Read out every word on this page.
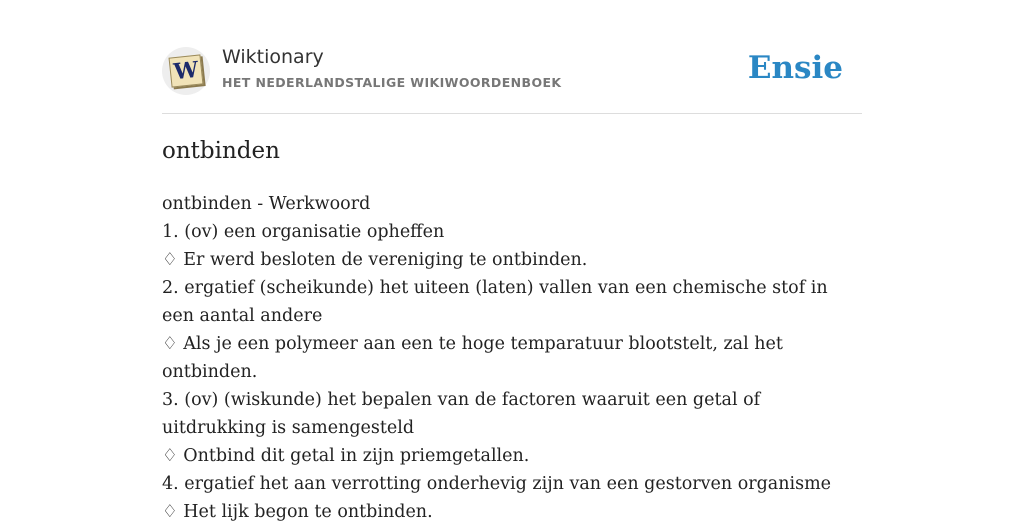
W Wiktionary
HET NEDERLANDSTALIGE WIKIWOORDENBOEK	Ensie
ontbinden
ontbinden - Werkwoord
1. (ov) een organisatie opheffen
♢ Er werd besloten de vereniging te ontbinden.
2. ergatief (scheikunde) het uiteen (laten) vallen van een chemische stof in een aantal andere
♢ Als je een polymeer aan een te hoge temparatuur blootstelt, zal het ontbinden.
3. (ov) (wiskunde) het bepalen van de factoren waaruit een getal of uitdrukking is samengesteld
♢ Ontbind dit getal in zijn priemgetallen.
4. ergatief het aan verrotting onderhevig zijn van een gestorven organisme
♢ Het lijk begon te ontbinden.
